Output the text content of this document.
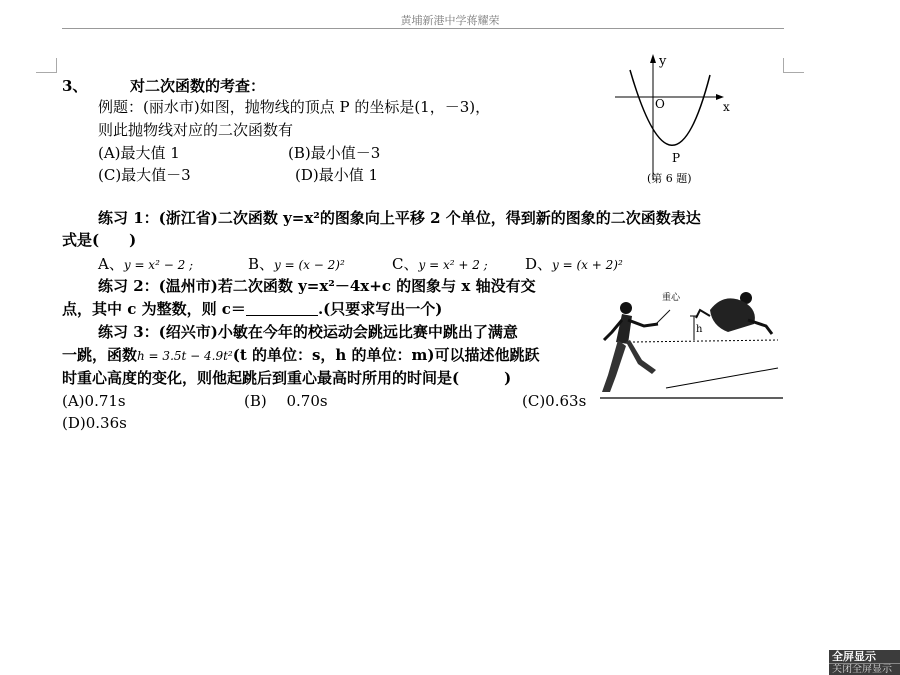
黄埔新港中学蒋耀荣
3、	对二次函数的考查：
例题：(丽水市)如图，抛物线的顶点 P 的坐标是(1，－3)，
则此抛物线对应的二次函数有
(A)最大值 1	(B)最小值－3
(C)最大值－3	(D)最小值 1
y
x
O
P
(第 6 题)
练习 1：(浙江省)二次函数 y=x²的图象向上平移 2 个单位，得到新的图象的二次函数表达
式是(　　)
A、y = x² − 2 ;	B、y = (x − 2)²	C、y = x² + 2 ; D、y = (x + 2)²
练习 2：(温州市)若二次函数 y=x²－4x+c 的图象与 x 轴没有交
点，其中 c 为整数，则 c＝	.(只要求写出一个)
练习 3：(绍兴市)小敏在今年的校运动会跳远比赛中跳出了满意
一跳，函数h = 3.5t − 4.9t²(t 的单位：s，h 的单位：m)可以描述他跳跃
时重心高度的变化，则他起跳后到重心最高时所用的时间是(　　　)
(A)0.71s	(B)　 0.70s	(C)0.63s
(D)0.36s
h
重心
全屏显示
关闭全屏显示
